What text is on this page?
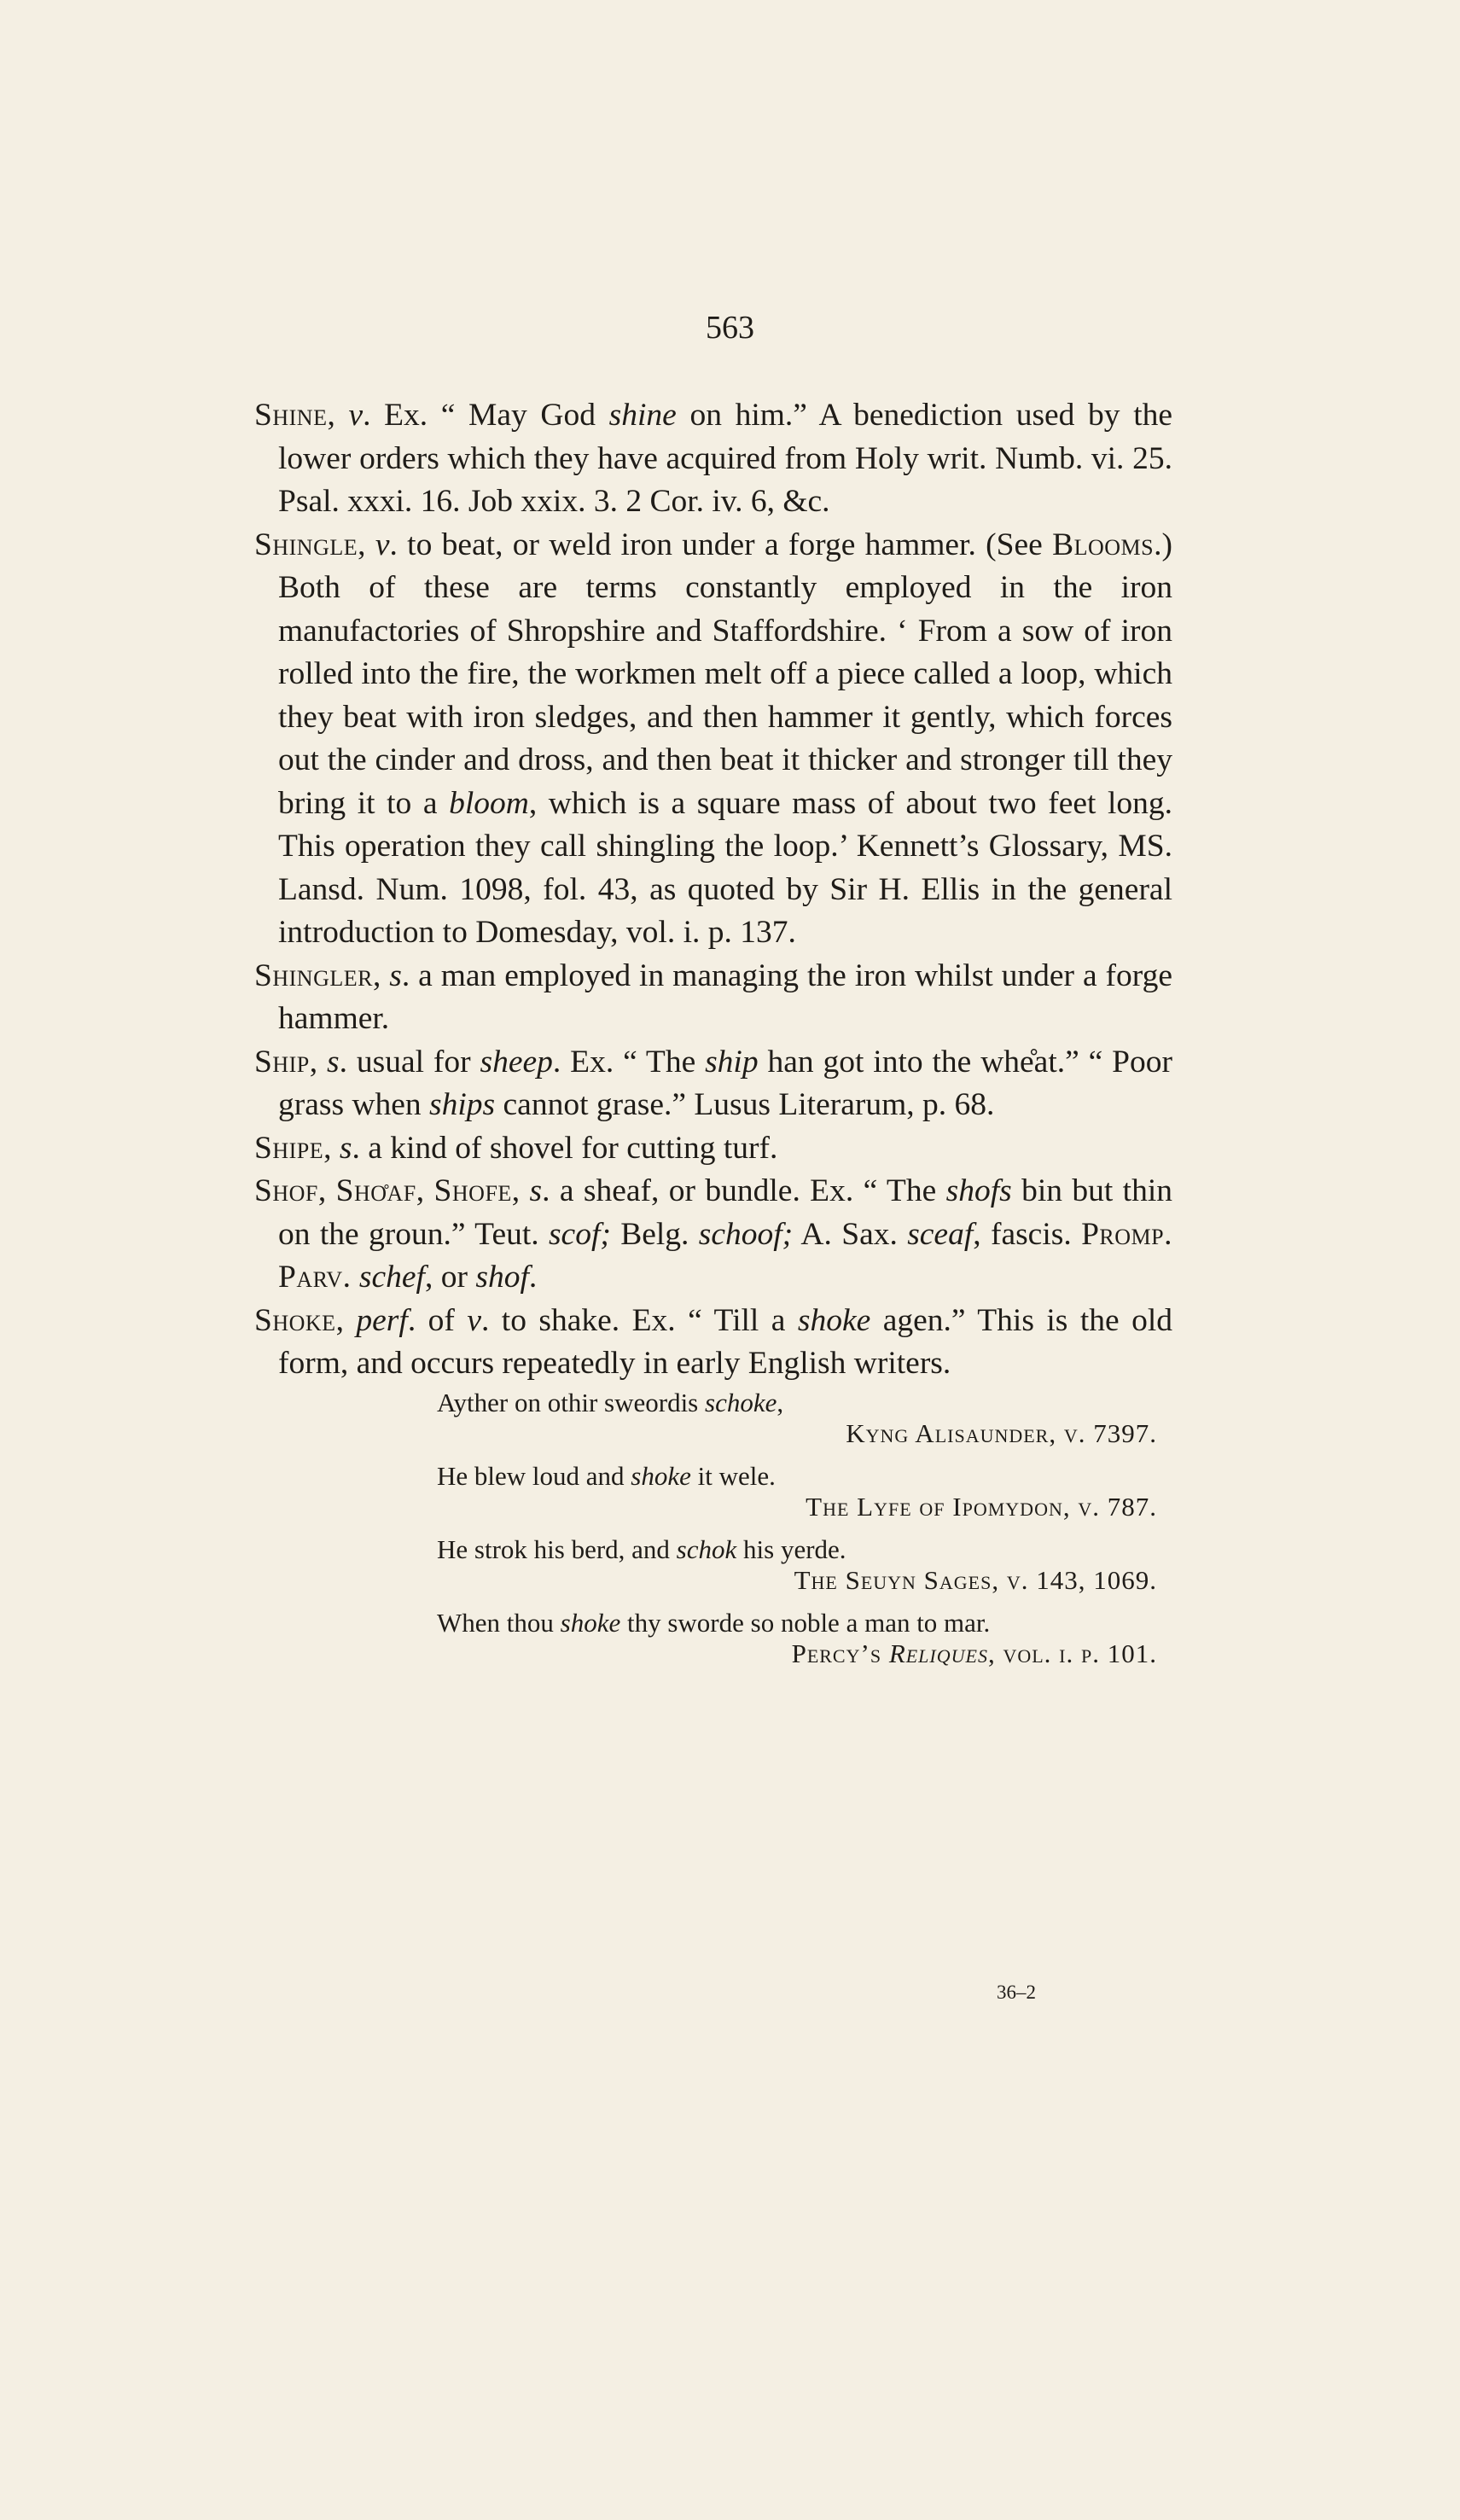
563

Shine, v. Ex. “ May God shine on him.” A benediction used by the lower orders which they have acquired from Holy writ. Numb. vi. 25. Psal. xxxi. 16. Job xxix. 3. 2 Cor. iv. 6, &c.

Shingle, v. to beat, or weld iron under a forge hammer. (See Blooms.) Both of these are terms constantly employed in the iron manufactories of Shropshire and Staffordshire. ‘ From a sow of iron rolled into the fire, the workmen melt off a piece called a loop, which they beat with iron sledges, and then hammer it gently, which forces out the cinder and dross, and then beat it thicker and stronger till they bring it to a bloom, which is a square mass of about two feet long. This operation they call shingling the loop.’ Kennett’s Glossary, MS. Lansd. Num. 1098, fol. 43, as quoted by Sir H. Ellis in the general introduction to Domesday, vol. i. p. 137.

Shingler, s. a man employed in managing the iron whilst under a forge hammer.

Ship, s. usual for sheep. Ex. “ The ship han got into the whe̊at.” “ Poor grass when ships cannot grase.” Lusus Literarum, p. 68.

Shipe, s. a kind of shovel for cutting turf.

Shof, Sho̊af, Shofe, s. a sheaf, or bundle. Ex. “ The shofs bin but thin on the groun.” Teut. scof; Belg. schoof; A. Sax. sceaf, fascis. Promp. Parv. schef, or shof.

Shoke, perf. of v. to shake. Ex. “ Till a shoke agen.” This is the old form, and occurs repeatedly in early English writers.

Ayther on othir sweordis schoke,
Kyng Alisaunder, v. 7397.
He blew loud and shoke it wele.
The Lyfe of Ipomydon, v. 787.
He strok his berd, and schok his yerde.
The Seuyn Sages, v. 143, 1069.
When thou shoke thy sworde so noble a man to mar.
Percy’s Reliques, vol. i. p. 101.
36–2
